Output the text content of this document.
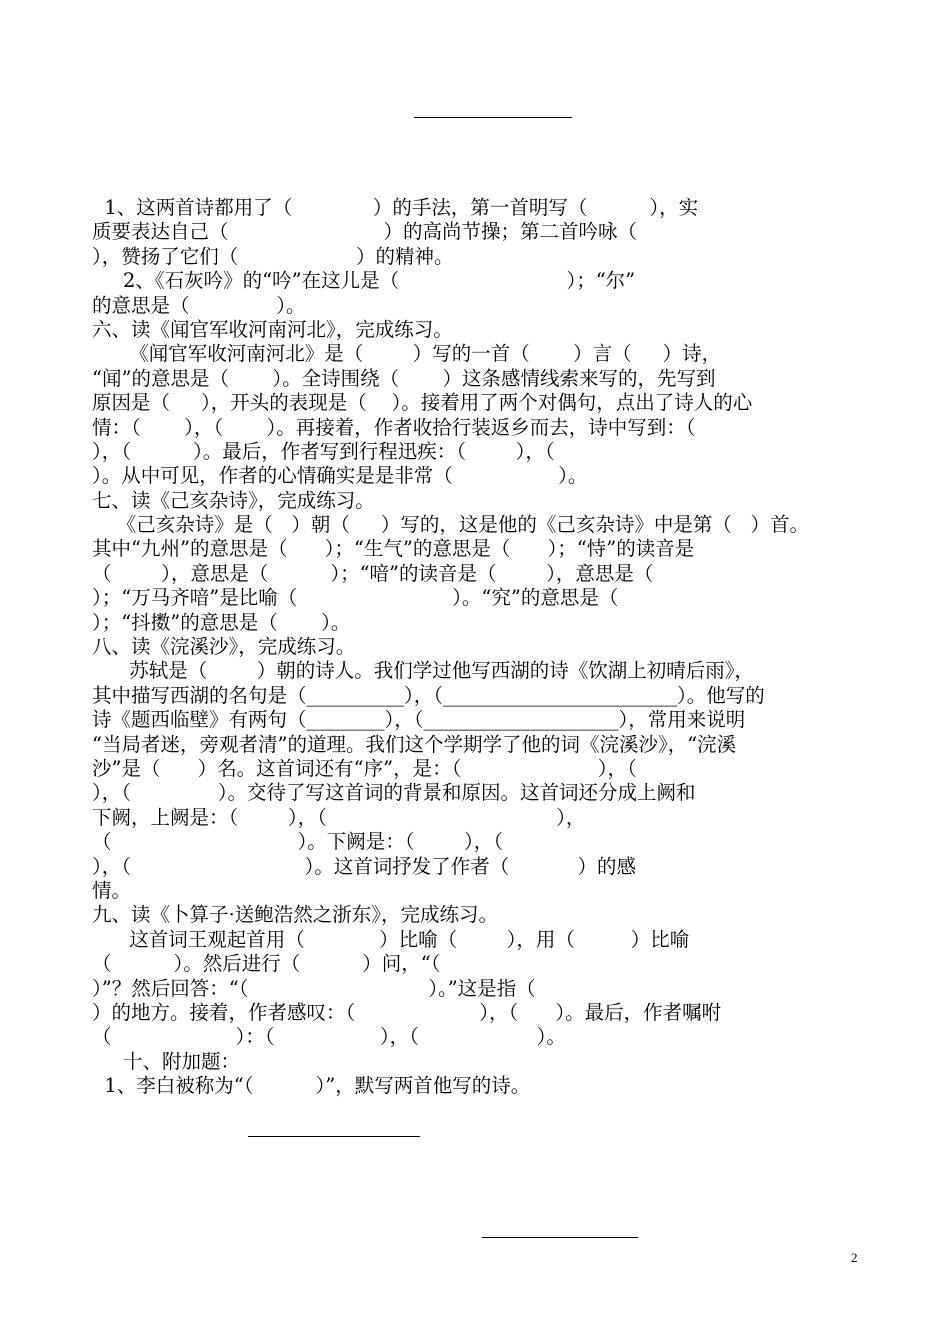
1、这两首诗都用了（             ）的手法，第一首明写（          ），实
质要表达自己（                         ）的高尚节操；第二首吟咏（
），赞扬了它们（                   ）的精神。
2、《石灰吟》的“吟”在这儿是（                           ）；“尔”
的意思是（              ）。
六、读《闻官军收河南河北》，完成练习。
《闻官军收河南河北》是（        ）写的一首（       ）言（     ）诗，
“闻”的意思是（       ）。全诗围绕（       ）这条感情线索来写的，先写到
原因是（     ），开头的表现是（    ）。接着用了两个对偶句，点出了诗人的心
情：（       ），（       ）。再接着，作者收拾行装返乡而去，诗中写到：（
），（          ）。最后，作者写到行程迅疾：（        ），（
）。从中可见，作者的心情确实是是非常（                 ）。
七、读《己亥杂诗》，完成练习。
《己亥杂诗》是（   ）朝（     ）写的，这是他的《己亥杂诗》中是第（   ）首。
其中“九州”的意思是（      ）；“生气”的意思是（      ）；“恃”的读音是
（        ），意思是（          ）；“喑”的读音是（        ），意思是（
）；“万马齐喑”是比喻（                         ）。“究”的意思是（
）；“抖擞”的意思是（       ）。
八、读《浣溪沙》，完成练习。
苏轼是（        ）朝的诗人。我们学过他写西湖的诗《饮湖上初晴后雨》，
其中描写西湖的名句是（__________），（________________________）。他写的
诗《题西临壁》有两句（________），（____________________），常用来说明
“当局者迷，旁观者清”的道理。我们这个学期学了他的词《浣溪沙》，“浣溪
沙”是（      ）名。这首词还有“序”，是：（                      ），（
），（              ）。交待了写这首词的背景和原因。这首词还分成上阙和
下阙，上阙是：（        ），（                                     ），
（                              ）。下阙是：（        ），（
），（                            ）。这首词抒发了作者（           ）的感
情。
九、读《卜算子·送鲍浩然之浙东》，完成练习。
这首词王观起首用（            ）比喻（        ），用（         ）比喻
（          ）。然后进行（          ）问，“（
）”？然后回答：“（                             ）。”这是指（
）的地方。接着，作者感叹：（                    ），（      ）。最后，作者嘱咐
（                    ）：（                 ），（                   ）。
十、附加题：
1、李白被称为“（          ）”，默写两首他写的诗。
2
